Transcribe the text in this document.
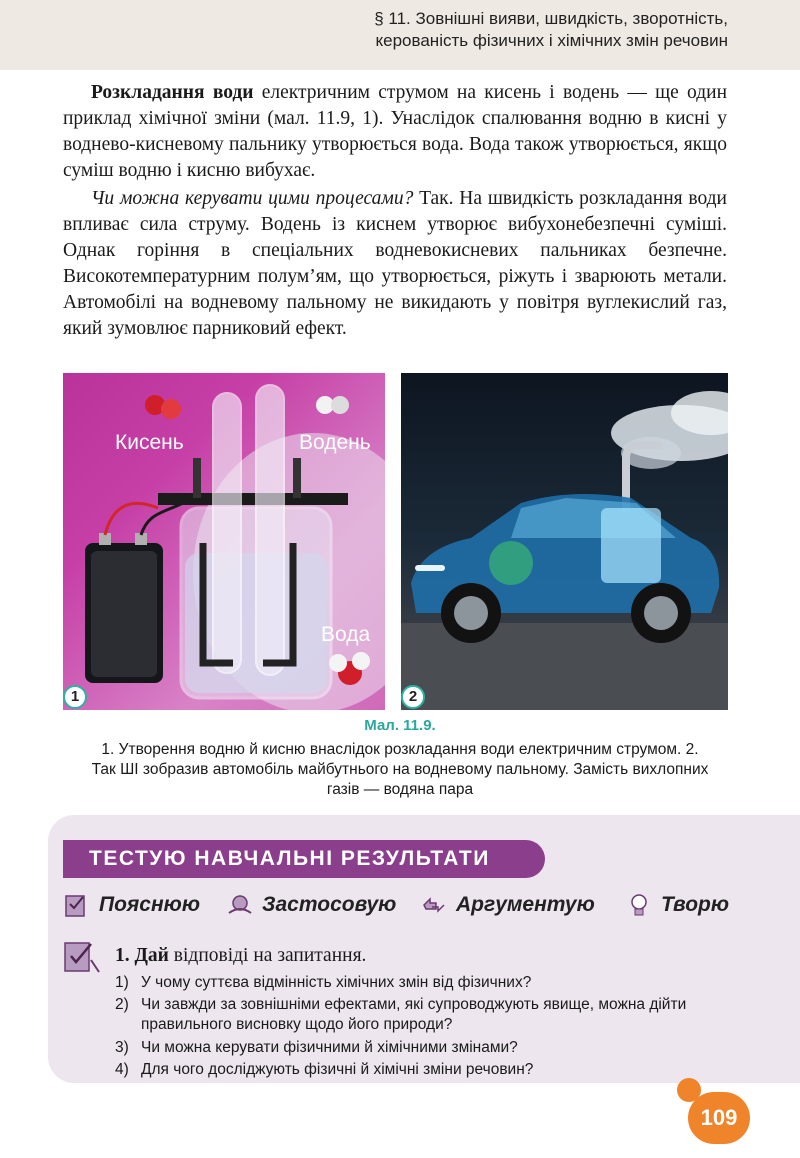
§ 11. Зовнішні вияви, швидкість, зворотність,
керованість фізичних і хімічних змін речовин
Розкладання води електричним струмом на кисень і водень — ще один приклад хімічної зміни (мал. 11.9, 1). Унаслідок спалювання водню в кисні у воднево-кисневому пальнику утворюється вода. Вода також утворюється, якщо суміш водню і кисню вибухає.
Чи можна керувати цими процесами? Так. На швидкість розкладання води впливає сила струму. Водень із киснем утворює вибухонебезпечні суміші. Однак горіння в спеціальних водневокисневих пальниках безпечне. Високотемпературним полум’ям, що утворюється, ріжуть і зварюють метали. Автомобілі на водневому пальному не викидають у повітря вуглекислий газ, який зумовлює парниковий ефект.
Кисень	Водень
Вода
1	2
Мал. 11.9.
1. Утворення водню й кисню внаслідок розкладання води електричним струмом. 2. Так ШІ зобразив автомобіль майбутнього на водневому пальному. Замість вихлопних газів — водяна пара
ТЕСТУЮ НАВЧАЛЬНІ РЕЗУЛЬТАТИ
Пояснюю	Застосовую	Аргументую	Творю
1. Дай відповіді на запитання.
1) У чому суттєва відмінність хімічних змін від фізичних?
2) Чи завжди за зовнішніми ефектами, які супроводжують явище, можна дійти правильного висновку щодо його природи?
3) Чи можна керувати фізичними й хімічними змінами?
4) Для чого досліджують фізичні й хімічні зміни речовин?
109
